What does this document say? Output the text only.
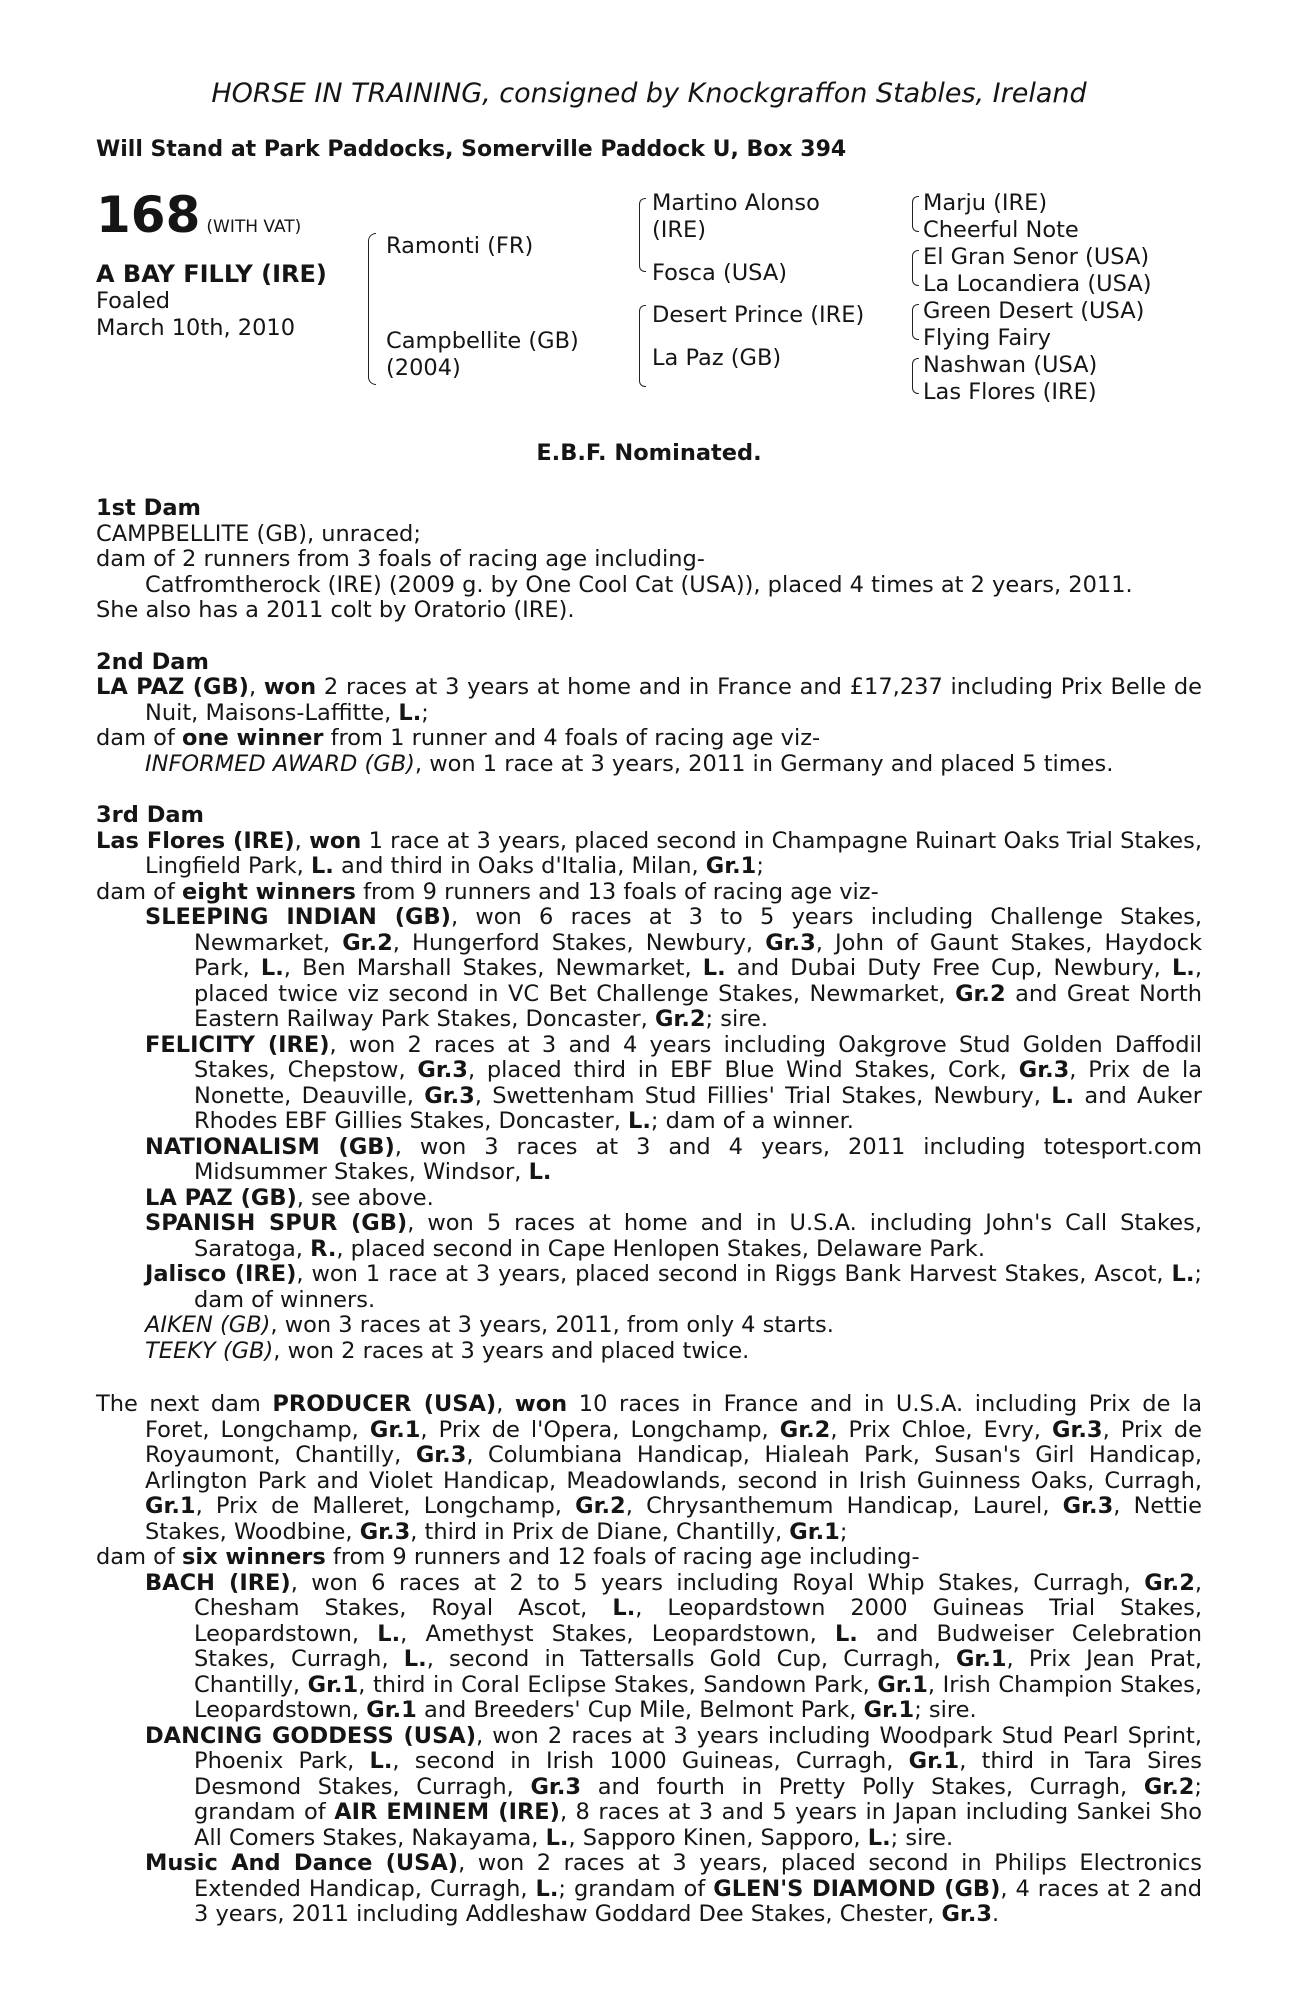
HORSE IN TRAINING, consigned by Knockgraffon Stables, Ireland
Will Stand at Park Paddocks, Somerville Paddock U, Box 394
168 (WITH VAT)
A BAY FILLY (IRE)
Foaled
March 10th, 2010
Ramonti (FR)
Campbellite (GB)
(2004)
Martino Alonso
(IRE)
Fosca (USA)
Desert Prince (IRE)
La Paz (GB)
Marju (IRE)
Cheerful Note
El Gran Senor (USA)
La Locandiera (USA)
Green Desert (USA)
Flying Fairy
Nashwan (USA)
Las Flores (IRE)
E.B.F. Nominated.
1st Dam
CAMPBELLITE (GB), unraced;
dam of 2 runners from 3 foals of racing age including-
Catfromtherock (IRE) (2009 g. by One Cool Cat (USA)), placed 4 times at 2 years, 2011.
She also has a 2011 colt by Oratorio (IRE).
2nd Dam
LA PAZ (GB), won 2 races at 3 years at home and in France and £17,237 including Prix Belle de Nuit, Maisons-Laffitte, L.;
dam of one winner from 1 runner and 4 foals of racing age viz-
INFORMED AWARD (GB), won 1 race at 3 years, 2011 in Germany and placed 5 times.
3rd Dam
Las Flores (IRE), won 1 race at 3 years, placed second in Champagne Ruinart Oaks Trial Stakes, Lingfield Park, L. and third in Oaks d'Italia, Milan, Gr.1;
dam of eight winners from 9 runners and 13 foals of racing age viz-
SLEEPING INDIAN (GB), won 6 races at 3 to 5 years including Challenge Stakes, Newmarket, Gr.2, Hungerford Stakes, Newbury, Gr.3, John of Gaunt Stakes, Haydock Park, L., Ben Marshall Stakes, Newmarket, L. and Dubai Duty Free Cup, Newbury, L., placed twice viz second in VC Bet Challenge Stakes, Newmarket, Gr.2 and Great North Eastern Railway Park Stakes, Doncaster, Gr.2; sire.
FELICITY (IRE), won 2 races at 3 and 4 years including Oakgrove Stud Golden Daffodil Stakes, Chepstow, Gr.3, placed third in EBF Blue Wind Stakes, Cork, Gr.3, Prix de la Nonette, Deauville, Gr.3, Swettenham Stud Fillies' Trial Stakes, Newbury, L. and Auker Rhodes EBF Gillies Stakes, Doncaster, L.; dam of a winner.
NATIONALISM (GB), won 3 races at 3 and 4 years, 2011 including totesport.com Midsummer Stakes, Windsor, L.
LA PAZ (GB), see above.
SPANISH SPUR (GB), won 5 races at home and in U.S.A. including John's Call Stakes, Saratoga, R., placed second in Cape Henlopen Stakes, Delaware Park.
Jalisco (IRE), won 1 race at 3 years, placed second in Riggs Bank Harvest Stakes, Ascot, L.; dam of winners.
AIKEN (GB), won 3 races at 3 years, 2011, from only 4 starts.
TEEKY (GB), won 2 races at 3 years and placed twice.
The next dam PRODUCER (USA), won 10 races in France and in U.S.A. including Prix de la Foret, Longchamp, Gr.1, Prix de l'Opera, Longchamp, Gr.2, Prix Chloe, Evry, Gr.3, Prix de Royaumont, Chantilly, Gr.3, Columbiana Handicap, Hialeah Park, Susan's Girl Handicap, Arlington Park and Violet Handicap, Meadowlands, second in Irish Guinness Oaks, Curragh, Gr.1, Prix de Malleret, Longchamp, Gr.2, Chrysanthemum Handicap, Laurel, Gr.3, Nettie Stakes, Woodbine, Gr.3, third in Prix de Diane, Chantilly, Gr.1;
dam of six winners from 9 runners and 12 foals of racing age including-
BACH (IRE), won 6 races at 2 to 5 years including Royal Whip Stakes, Curragh, Gr.2, Chesham Stakes, Royal Ascot, L., Leopardstown 2000 Guineas Trial Stakes, Leopardstown, L., Amethyst Stakes, Leopardstown, L. and Budweiser Celebration Stakes, Curragh, L., second in Tattersalls Gold Cup, Curragh, Gr.1, Prix Jean Prat, Chantilly, Gr.1, third in Coral Eclipse Stakes, Sandown Park, Gr.1, Irish Champion Stakes, Leopardstown, Gr.1 and Breeders' Cup Mile, Belmont Park, Gr.1; sire.
DANCING GODDESS (USA), won 2 races at 3 years including Woodpark Stud Pearl Sprint, Phoenix Park, L., second in Irish 1000 Guineas, Curragh, Gr.1, third in Tara Sires Desmond Stakes, Curragh, Gr.3 and fourth in Pretty Polly Stakes, Curragh, Gr.2; grandam of AIR EMINEM (IRE), 8 races at 3 and 5 years in Japan including Sankei Sho All Comers Stakes, Nakayama, L., Sapporo Kinen, Sapporo, L.; sire.
Music And Dance (USA), won 2 races at 3 years, placed second in Philips Electronics Extended Handicap, Curragh, L.; grandam of GLEN'S DIAMOND (GB), 4 races at 2 and 3 years, 2011 including Addleshaw Goddard Dee Stakes, Chester, Gr.3.
